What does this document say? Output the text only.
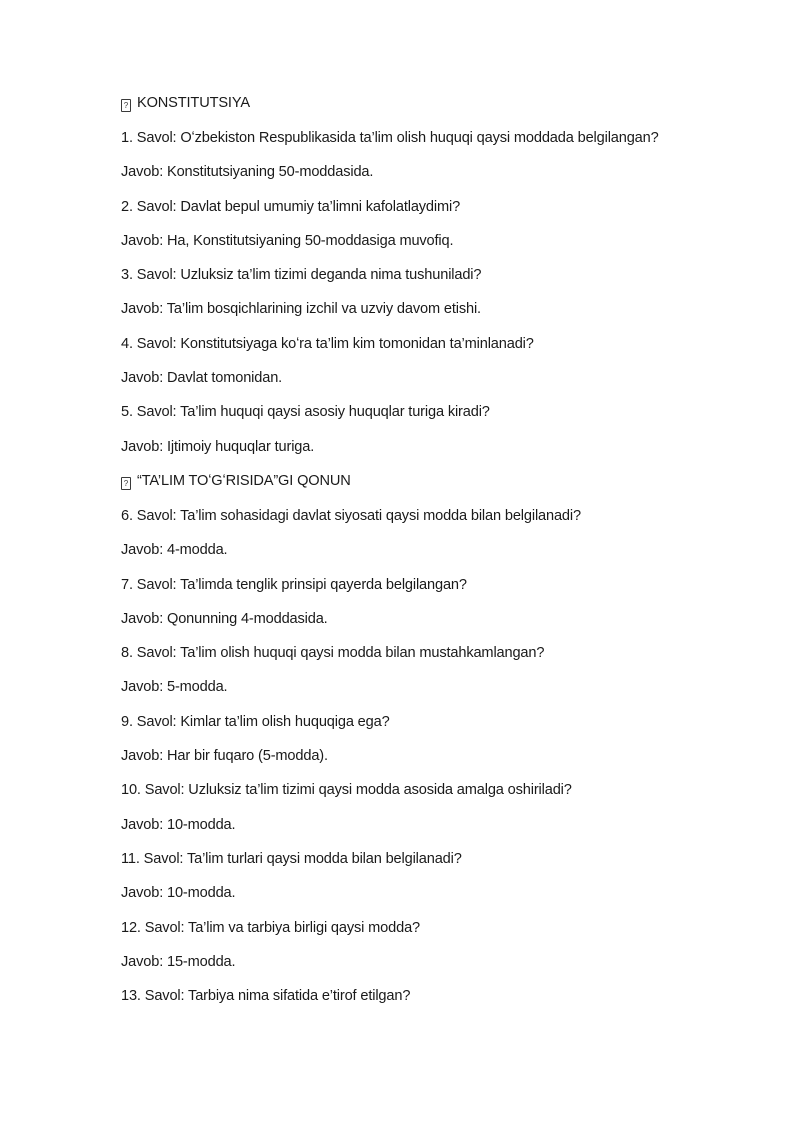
? KONSTITUTSIYA

1. Savol: Oʻzbekiston Respublikasida ta’lim olish huquqi qaysi moddada belgilangan?

Javob: Konstitutsiyaning 50-moddasida.

2. Savol: Davlat bepul umumiy ta’limni kafolatlaydimi?

Javob: Ha, Konstitutsiyaning 50-moddasiga muvofiq.

3. Savol: Uzluksiz ta’lim tizimi deganda nima tushuniladi?

Javob: Ta’lim bosqichlarining izchil va uzviy davom etishi.

4. Savol: Konstitutsiyaga koʻra ta’lim kim tomonidan ta’minlanadi?

Javob: Davlat tomonidan.

5. Savol: Ta’lim huquqi qaysi asosiy huquqlar turiga kiradi?

Javob: Ijtimoiy huquqlar turiga.

? “TA’LIM TOʻGʻRISIDA”GI QONUN

6. Savol: Ta’lim sohasidagi davlat siyosati qaysi modda bilan belgilanadi?

Javob: 4-modda.

7. Savol: Ta’limda tenglik prinsipi qayerda belgilangan?

Javob: Qonunning 4-moddasida.

8. Savol: Ta’lim olish huquqi qaysi modda bilan mustahkamlangan?

Javob: 5-modda.

9. Savol: Kimlar ta’lim olish huquqiga ega?

Javob: Har bir fuqaro (5-modda).

10. Savol: Uzluksiz ta’lim tizimi qaysi modda asosida amalga oshiriladi?

Javob: 10-modda.

11. Savol: Ta’lim turlari qaysi modda bilan belgilanadi?

Javob: 10-modda.

12. Savol: Ta’lim va tarbiya birligi qaysi modda?

Javob: 15-modda.

13. Savol: Tarbiya nima sifatida e’tirof etilgan?
